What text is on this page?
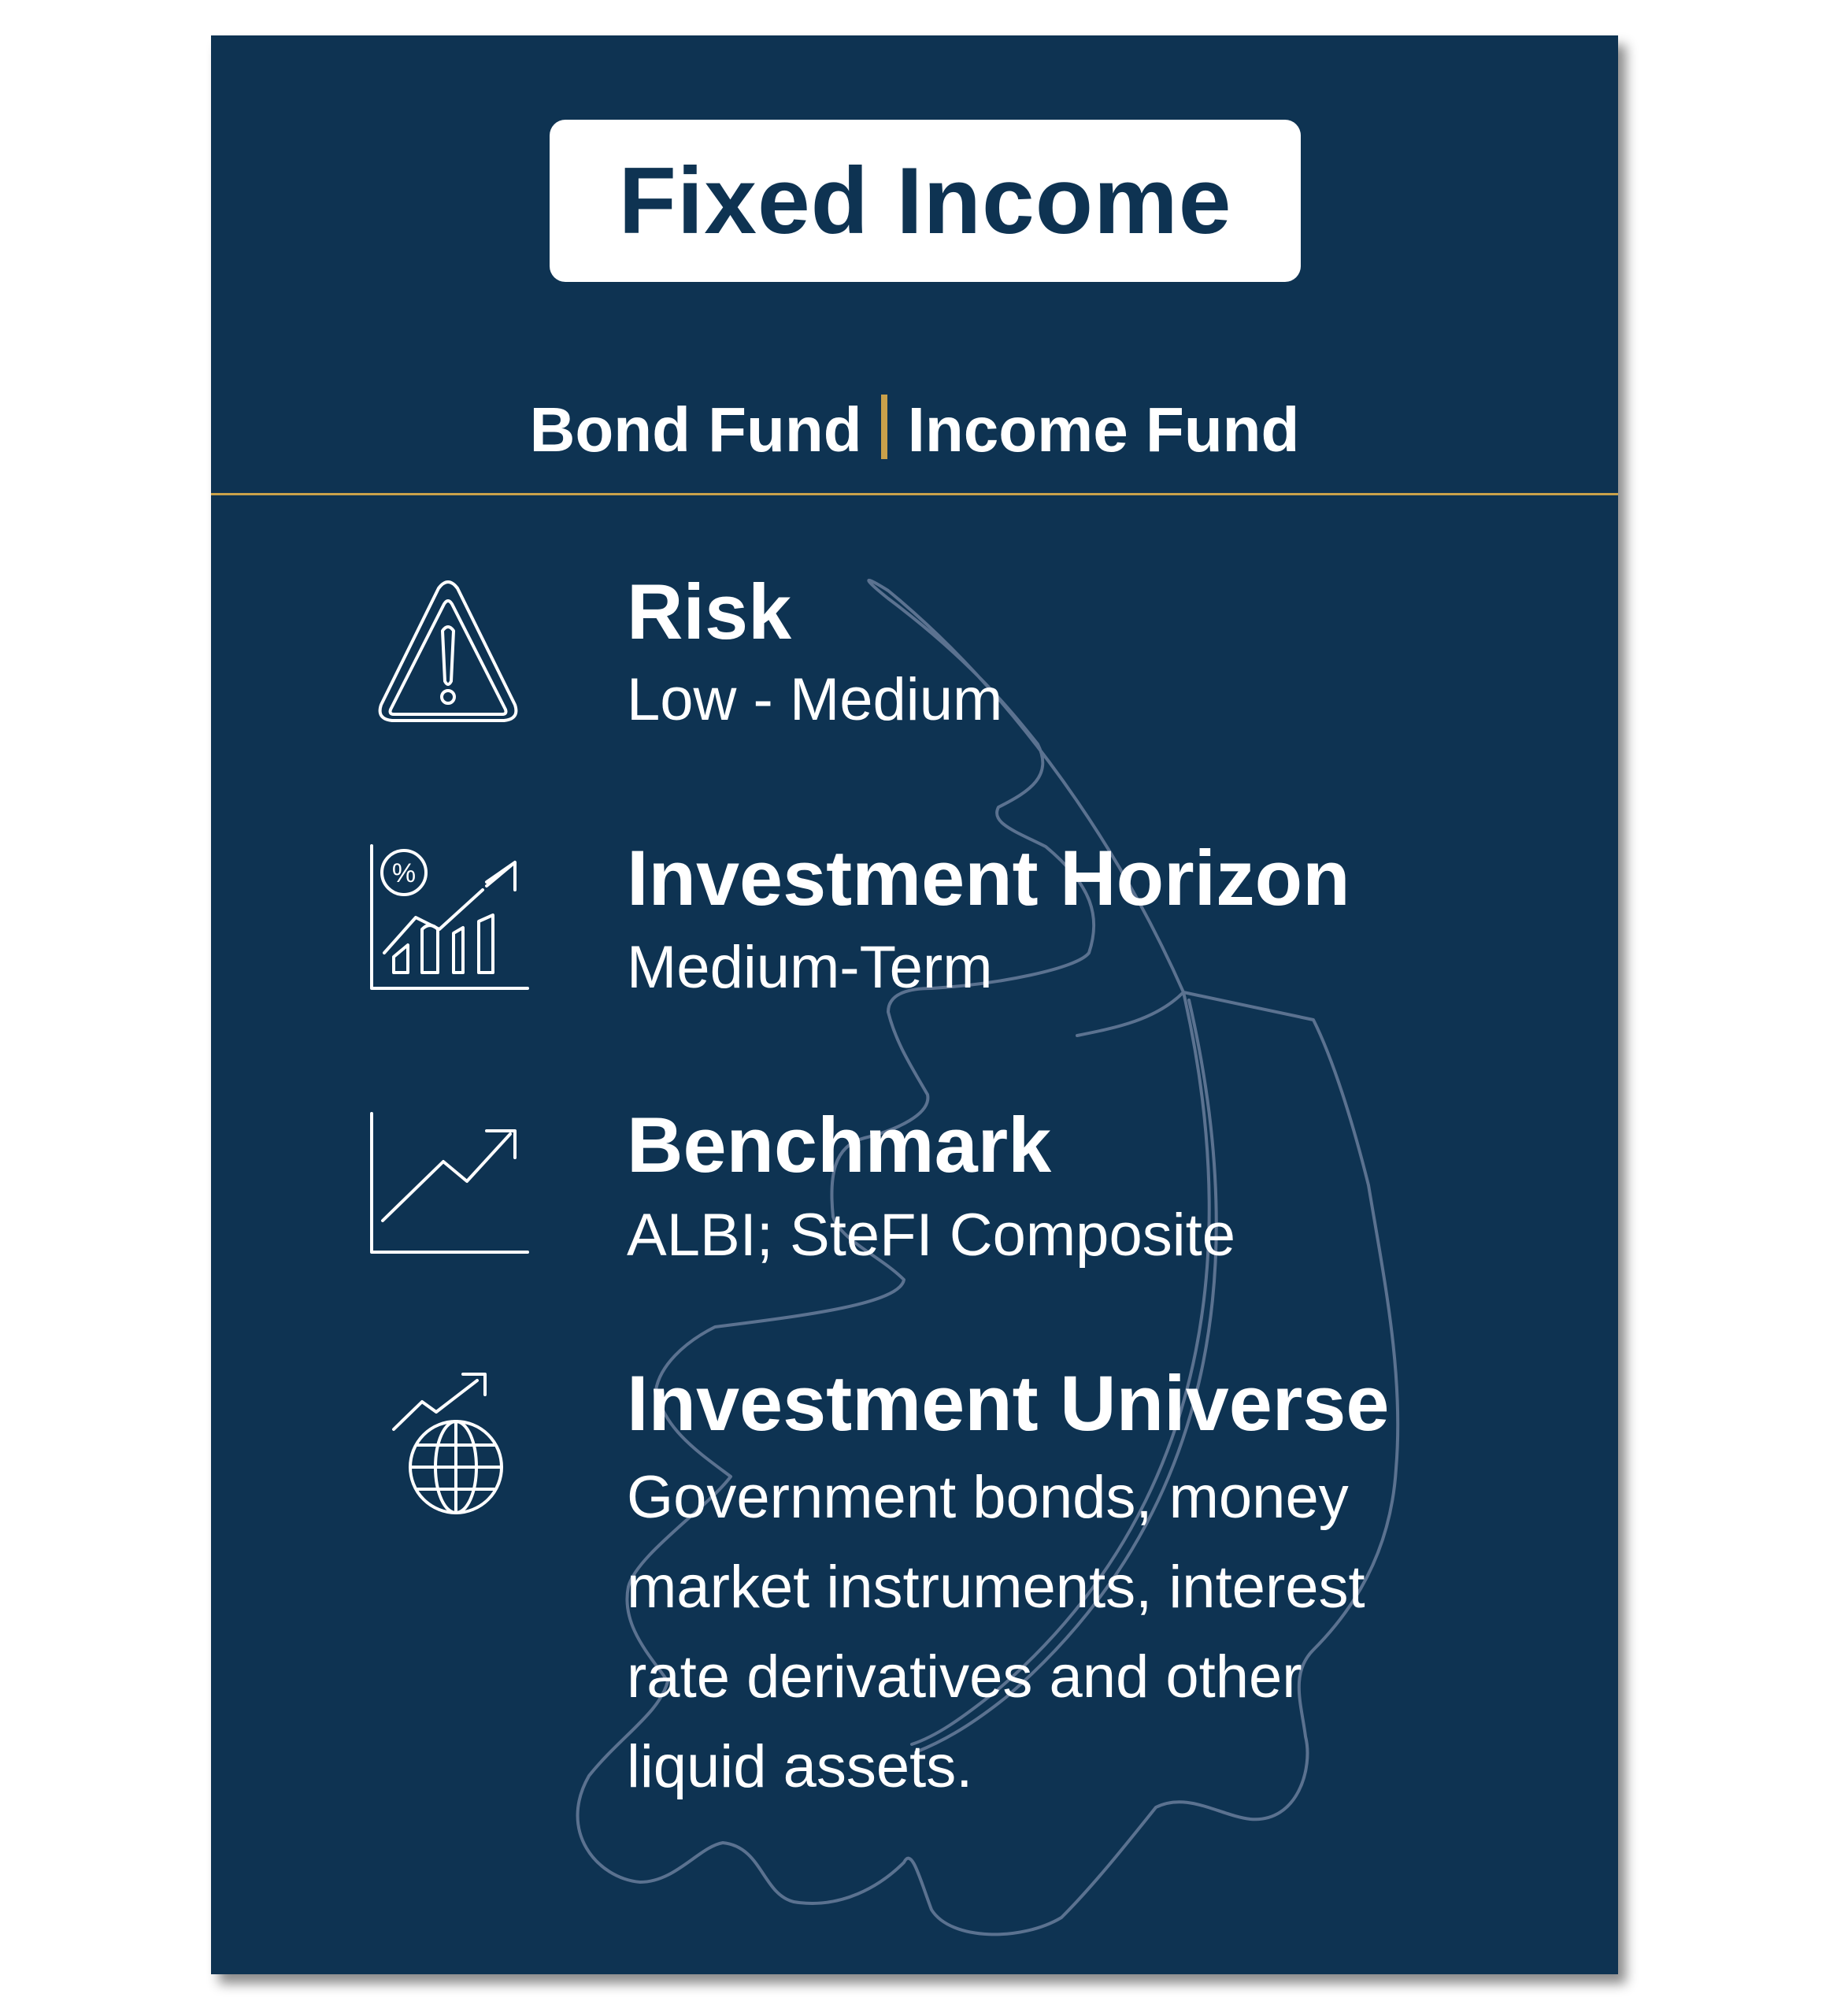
Fixed Income
Bond Fund Income Fund
Risk
Low - Medium
%	Investment Horizon
Medium-Term
Benchmark
ALBI; SteFI Composite
Investment Universe
Government bonds, money market instruments, interest rate derivatives and other liquid assets.
